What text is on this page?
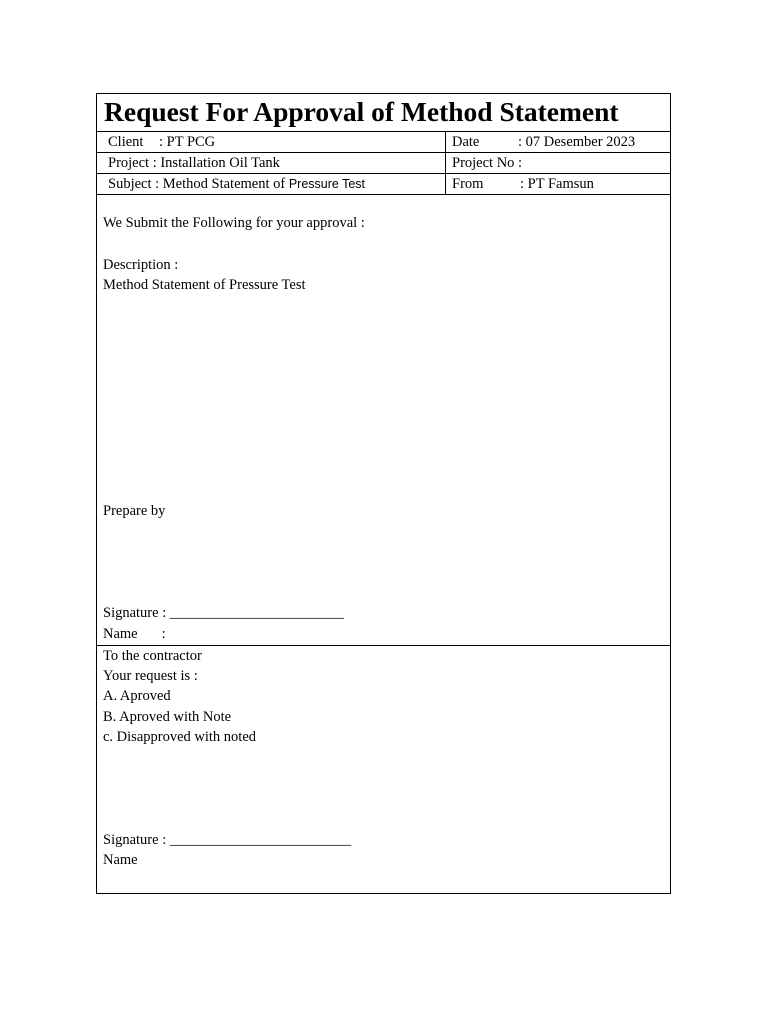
Request For Approval of Method Statement
Client : PT PCG	Date	: 07 Desember 2023
Project : Installation Oil Tank	Project No :
Subject : Method Statement of Pressure Test	From	: PT Famsun
We Submit the Following for your approval :
Description :
Method Statement of Pressure Test
Prepare by
Signature : ________________________
Name :
To the contractor
Your request is :
A. Aproved
B. Aproved with Note
c. Disapproved with noted
Signature : _________________________
Name
